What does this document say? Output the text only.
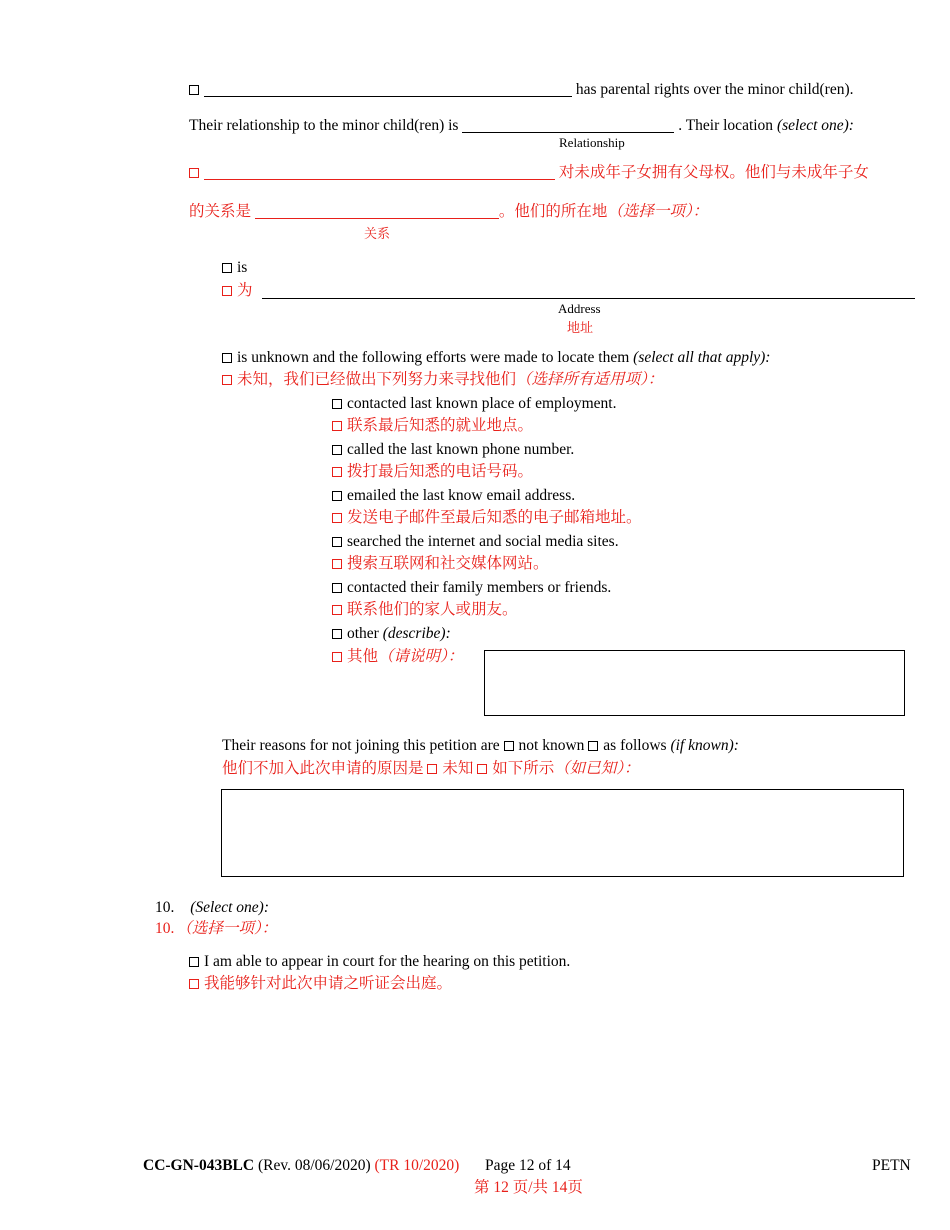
has parental rights over the minor child(ren).
Their relationship to the minor child(ren) is	. Their location (select one):
Relationship
对未成年子女拥有父母权。他们与未成年子女
的关系是	。他们的所在地（选择一项）：
关系
is
为
Address
地址
is unknown and the following efforts were made to locate them (select all that apply):
未知，我们已经做出下列努力来寻找他们（选择所有适用项）：
contacted last known place of employment.
联系最后知悉的就业地点。
called the last known phone number.
拨打最后知悉的电话号码。
emailed the last know email address.
发送电子邮件至最后知悉的电子邮箱地址。
searched the internet and social media sites.
搜索互联网和社交媒体网站。
contacted their family members or friends.
联系他们的家人或朋友。
other (describe):
其他（请说明）：
Their reasons for not joining this petition are not known as follows (if known):
他们不加入此次申请的原因是 未知 如下所示（如已知）：
10. (Select one):
10. （选择一项）：
I am able to appear in court for the hearing on this petition.
我能够针对此次申请之听证会出庭。
CC-GN-043BLC (Rev. 08/06/2020) (TR 10/2020) Page 12 of 14
第 12 页/共 14页
PETN
